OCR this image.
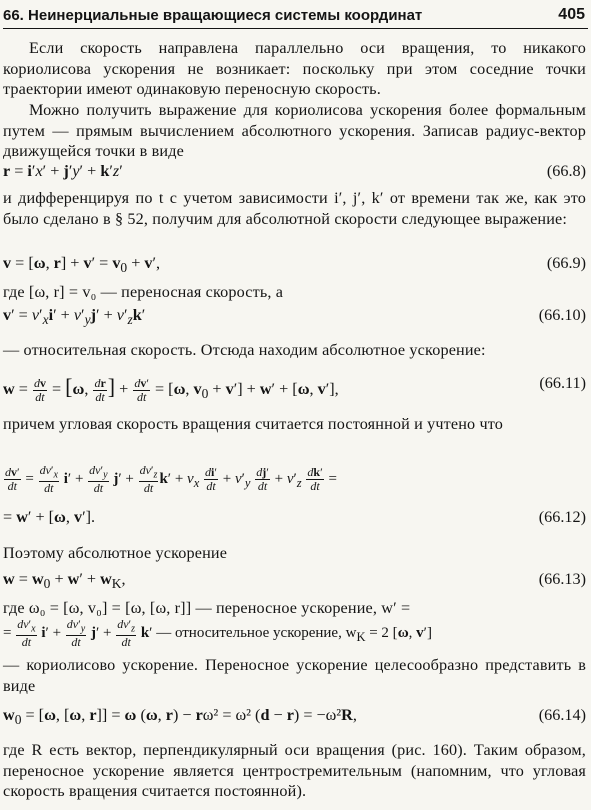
66. Неинерциальные вращающиеся системы координат	405

Если скорость направлена параллельно оси вращения, то никакого кориолисова ускорения не возникает: поскольку при этом соседние точки траектории имеют одинаковую переносную скорость.

Можно получить выражение для кориолисова ускорения более формальным путем — прямым вычислением абсолютного ускорения. Записав радиус-вектор движущейся точки в виде

r = i′x′ + j′y′ + k′z′	(66.8)

и дифференцируя по t с учетом зависимости i′, j′, k′ от времени так же, как это было сделано в § 52, получим для абсолютной скорости следующее выражение:

v = [ω, $r] + v' = v_0 + v'$,	(66.9)

где [ω, r] = v₀ — переносная скорость, а

$v' = v'_xi' + v'_yj' + v'_zk'$	(66.10)

— относительная скорость. Отсюда находим абсолютное ускорение:

$w = \frac{dv}{dt} = [\omega$, $\frac{dr}{dt}$ ] + $\frac{dv'}{dt} = [\omega$, $v_0 + v'] + w' + [\omega$, v′],	(66.11)

причем угловая скорость вращения считается постоянной и учтено что

$\frac{dv'}{dt} = \frac{dv'_x}{dt} i' + \frac{dv'_y}{dt} j' + \frac{dv'_z}{dt} k' + v_x \frac{di'}{dt} + v'_y \frac{dj'}{dt} + v'_z \frac{dk'}{dt}$ =
= w′ + [ω, v′].	(66.12)

Поэтому абсолютное ускорение

$w = w_0 + w' + w_K$,	(66.13)

где ω₀ = [ω, v₀] = [ω, [ω, r]] — переносное ускорение, w′ =

= $\frac{dv'_x}{dt} i' + \frac{dv'_y}{dt} j' + \frac{dv'_z}{dt} k'$ — относительное ускорение, $w_K = 2$ [ω, v′]

— кориолисово ускорение. Переносное ускорение целесообразно представить в виде

$w_0 = [\omega$, [ω, r]] = ω (ω, r) − rω² = ω² (d − r) = −ω²R,	(66.14)

где R есть вектор, перпендикулярный оси вращения (рис. 160). Таким образом, переносное ускорение является центростремительным (напомним, что угловая скорость вращения считается постоянной).
